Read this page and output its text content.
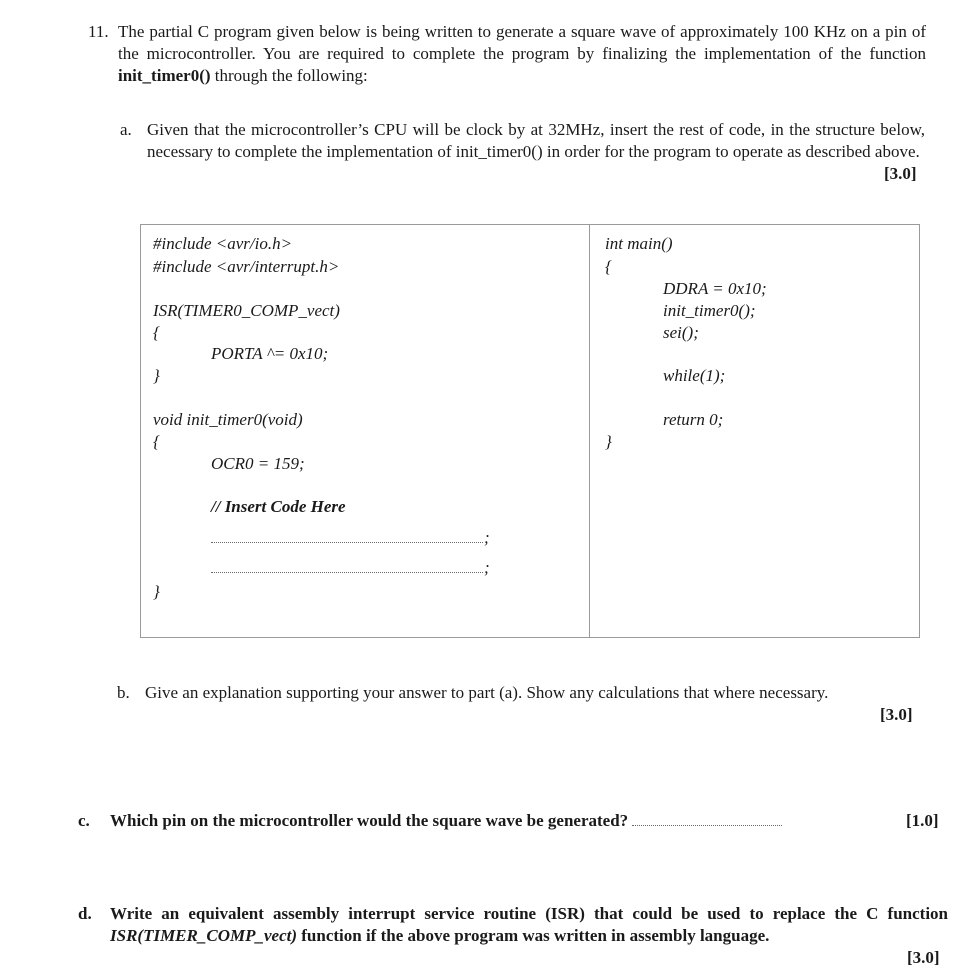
11. The partial C program given below is being written to generate a square wave of approximately 100 KHz on a pin of the microcontroller. You are required to complete the program by finalizing the implementation of the function init_timer0() through the following:
a. Given that the microcontroller’s CPU will be clock by at 32MHz, insert the rest of code, in the structure below, necessary to complete the implementation of init_timer0() in order for the program to operate as described above.
[3.0]
#include <avr/io.h>
#include <avr/interrupt.h>
ISR(TIMER0_COMP_vect)
{
PORTA ^= 0x10;
}
void init_timer0(void)
{
OCR0 = 159;
// Insert Code Here
;
;
}
int main()
{
DDRA = 0x10;
init_timer0();
sei();
while(1);
return 0;
}
b. Give an explanation supporting your answer to part (a). Show any calculations that where necessary.
[3.0]
c. Which pin on the microcontroller would the square wave be generated?	[1.0]
d. Write an equivalent assembly interrupt service routine (ISR) that could be used to replace the C function ISR(TIMER_COMP_vect) function if the above program was written in assembly language.
[3.0]
